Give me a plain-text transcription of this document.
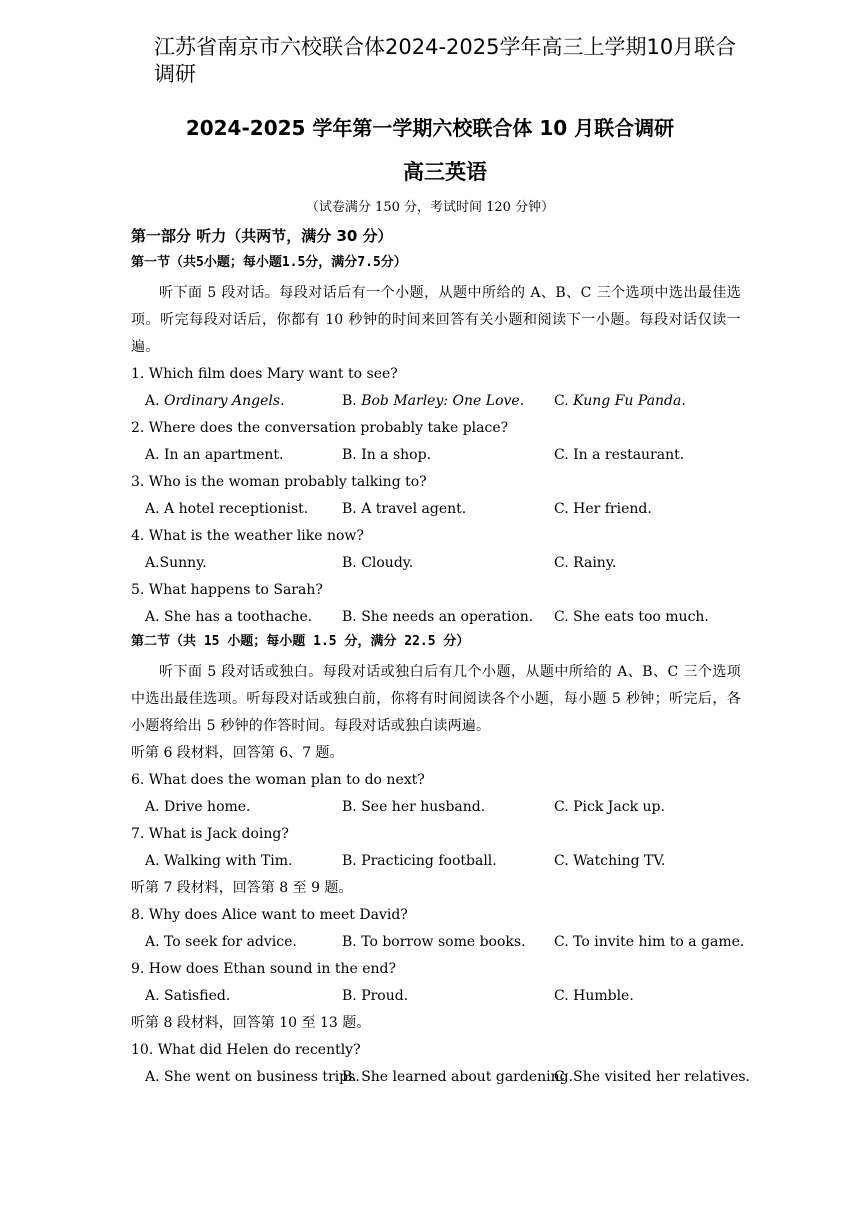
江苏省南京市六校联合体2024-2025学年高三上学期10月联合调研
2024-2025 学年第一学期六校联合体 10 月联合调研
高三英语
（试卷满分 150 分，考试时间 120 分钟）
第一部分 听力（共两节，满分 30 分）
第一节（共5小题；每小题1.5分，满分7.5分）
听下面 5 段对话。每段对话后有一个小题，从题中所给的 A、B、C 三个选项中选出最佳选项。听完每段对话后，你都有 10 秒钟的时间来回答有关小题和阅读下一小题。每段对话仅读一遍。
1. Which film does Mary want to see?
A. Ordinary Angels.	B. Bob Marley: One Love.	C. Kung Fu Panda.
2. Where does the conversation probably take place?
A. In an apartment.	B. In a shop.	C. In a restaurant.
3. Who is the woman probably talking to?
A. A hotel receptionist.	B. A travel agent.	C. Her friend.
4. What is the weather like now?
A.Sunny.	B. Cloudy.	C. Rainy.
5. What happens to Sarah?
A. She has a toothache.	B. She needs an operation.	C. She eats too much.
第二节（共 15 小题；每小题 1.5 分，满分 22.5 分）
听下面 5 段对话或独白。每段对话或独白后有几个小题，从题中所给的 A、B、C 三个选项中选出最佳选项。听每段对话或独白前，你将有时间阅读各个小题，每小题 5 秒钟；听完后，各小题将给出 5 秒钟的作答时间。每段对话或独白读两遍。
听第 6 段材料，回答第 6、7 题。
6. What does the woman plan to do next?
A. Drive home.	B. See her husband.	C. Pick Jack up.
7. What is Jack doing?
A. Walking with Tim.	B. Practicing football.	C. Watching TV.
听第 7 段材料，回答第 8 至 9 题。
8. Why does Alice want to meet David?
A. To seek for advice.	B. To borrow some books.	C. To invite him to a game.
9. How does Ethan sound in the end?
A. Satisfied.	B. Proud.	C. Humble.
听第 8 段材料，回答第 10 至 13 题。
10. What did Helen do recently?
A. She went on business trips.
B. She learned about gardening.
C. She visited her relatives.
